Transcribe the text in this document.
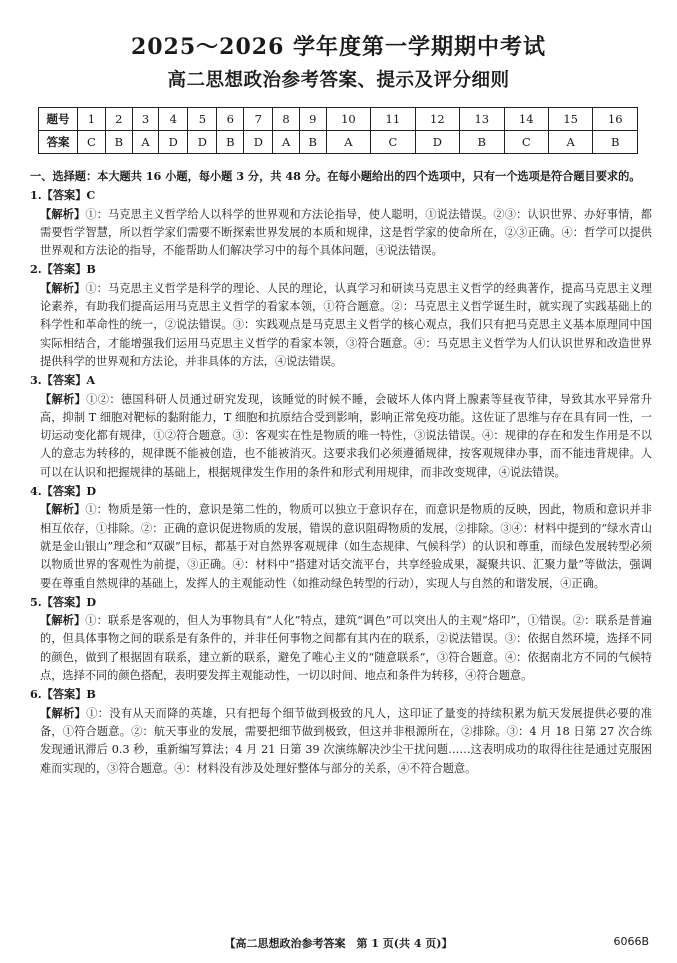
2025～2026 学年度第一学期期中考试
高二思想政治参考答案、提示及评分细则
题号	1	2	3	4	5	6	7	8	9	10	11	12	13	14	15	16
答案	C	B	A	D	D	B	D	A	B	A	C	D	B	C	A	B

一、选择题：本大题共 16 小题，每小题 3 分，共 48 分。在每小题给出的四个选项中，只有一个选项是符合题目要求的。

1.【答案】C

【解析】①：马克思主义哲学给人以科学的世界观和方法论指导，使人聪明，①说法错误。②③：认识世界、办好事情，都需要哲学智慧，所以哲学家们需要不断探索世界发展的本质和规律，这是哲学家的使命所在，②③正确。④：哲学可以提供世界观和方法论的指导，不能帮助人们解决学习中的每个具体问题，④说法错误。

2.【答案】B

【解析】①：马克思主义哲学是科学的理论、人民的理论，认真学习和研读马克思主义哲学的经典著作，提高马克思主义理论素养，有助我们提高运用马克思主义哲学的看家本领，①符合题意。②：马克思主义哲学诞生时，就实现了实践基础上的科学性和革命性的统一，②说法错误。③：实践观点是马克思主义哲学的核心观点，我们只有把马克思主义基本原理同中国实际相结合，才能增强我们运用马克思主义哲学的看家本领，③符合题意。④：马克思主义哲学为人们认识世界和改造世界提供科学的世界观和方法论，并非具体的方法，④说法错误。

3.【答案】A

【解析】①②：德国科研人员通过研究发现，该睡觉的时候不睡，会破坏人体内肾上腺素等昼夜节律，导致其水平异常升高，抑制 T 细胞对靶标的黏附能力，T 细胞和抗原结合受到影响，影响正常免疫功能。这佐证了思维与存在具有同一性，一切运动变化都有规律，①②符合题意。③：客观实在性是物质的唯一特性，③说法错误。④：规律的存在和发生作用是不以人的意志为转移的，规律既不能被创造，也不能被消灭。这要求我们必须遵循规律，按客观规律办事，而不能违背规律。人可以在认识和把握规律的基础上，根据规律发生作用的条件和形式利用规律，而非改变规律，④说法错误。

4.【答案】D

【解析】①：物质是第一性的，意识是第二性的，物质可以独立于意识存在，而意识是物质的反映，因此，物质和意识并非相互依存，①排除。②：正确的意识促进物质的发展，错误的意识阻碍物质的发展，②排除。③④：材料中提到的“绿水青山就是金山银山”理念和“双碳”目标，都基于对自然界客观规律（如生态规律、气候科学）的认识和尊重，而绿色发展转型必须以物质世界的客观性为前提，③正确。④：材料中“搭建对话交流平台，共享经验成果，凝聚共识、汇聚力量”等做法，强调要在尊重自然规律的基础上，发挥人的主观能动性（如推动绿色转型的行动），实现人与自然的和谐发展，④正确。

5.【答案】D

【解析】①：联系是客观的，但人为事物具有“人化”特点，建筑“调色”可以突出人的主观“烙印”，①错误。②：联系是普遍的，但具体事物之间的联系是有条件的，并非任何事物之间都有其内在的联系，②说法错误。③：依据自然环境，选择不同的颜色，做到了根据固有联系，建立新的联系，避免了唯心主义的“随意联系”，③符合题意。④：依据南北方不同的气候特点，选择不同的颜色搭配，表明要发挥主观能动性，一切以时间、地点和条件为转移，④符合题意。

6.【答案】B

【解析】①：没有从天而降的英雄，只有把每个细节做到极致的凡人，这印证了量变的持续积累为航天发展提供必要的准备，①符合题意。②：航天事业的发展，需要把细节做到极致，但这并非根源所在，②排除。③：4 月 18 日第 27 次合练发现通讯滞后 0.3 秒，重新编写算法；4 月 21 日第 39 次演练解决沙尘干扰问题……这表明成功的取得往往是通过克服困难而实现的，③符合题意。④：材料没有涉及处理好整体与部分的关系，④不符合题意。

【高二思想政治参考答案　第 1 页(共 4 页)】	6066B
